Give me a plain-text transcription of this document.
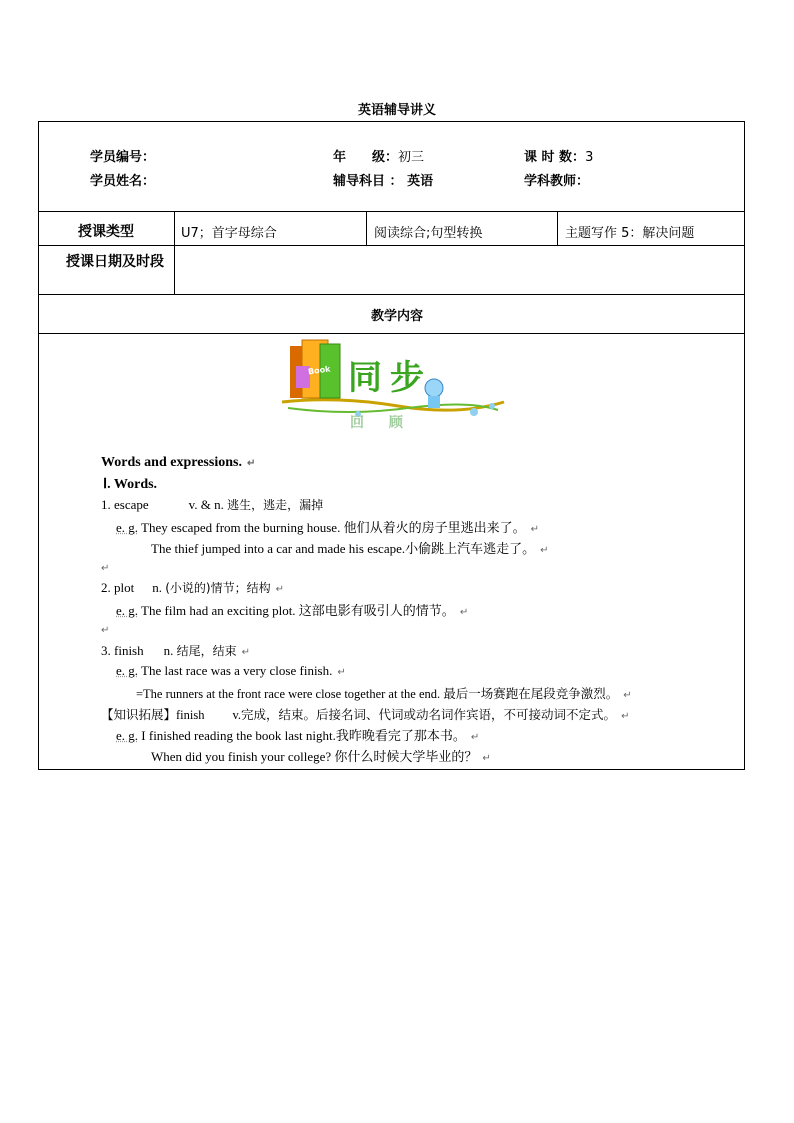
英语辅导讲义
学员编号：	年　　级：初三	课 时 数：3
学员姓名：	辅导科目 ： 英语	学科教师：
授课类型	U7；首字母综合	阅读综合;句型转换	主题写作 5：解决问题
授课日期及时段
教学内容
Book 同步
回 顾
Words and expressions. ↵
Ⅰ. Words.
1. escape	v. & n. 逃生，逃走，漏掉
e. g. They escaped from the burning house. 他们从着火的房子里逃出来了。 ↵
The thief jumped into a car and made his escape.小偷跳上汽车逃走了。 ↵
↵
2. plot n. (小说的)情节；结构 ↵
e. g. The film had an exciting plot. 这部电影有吸引人的情节。 ↵
↵
3. finish n. 结尾，结束 ↵
e. g. The last race was a very close finish. ↵
=The runners at the front race were close together at the end. 最后一场赛跑在尾段竞争激烈。 ↵
【知识拓展】finish v.完成，结束。后接名词、代词或动名词作宾语，不可接动词不定式。 ↵
e. g. I finished reading the book last night.我昨晚看完了那本书。 ↵
When did you finish your college? 你什么时候大学毕业的？ ↵
